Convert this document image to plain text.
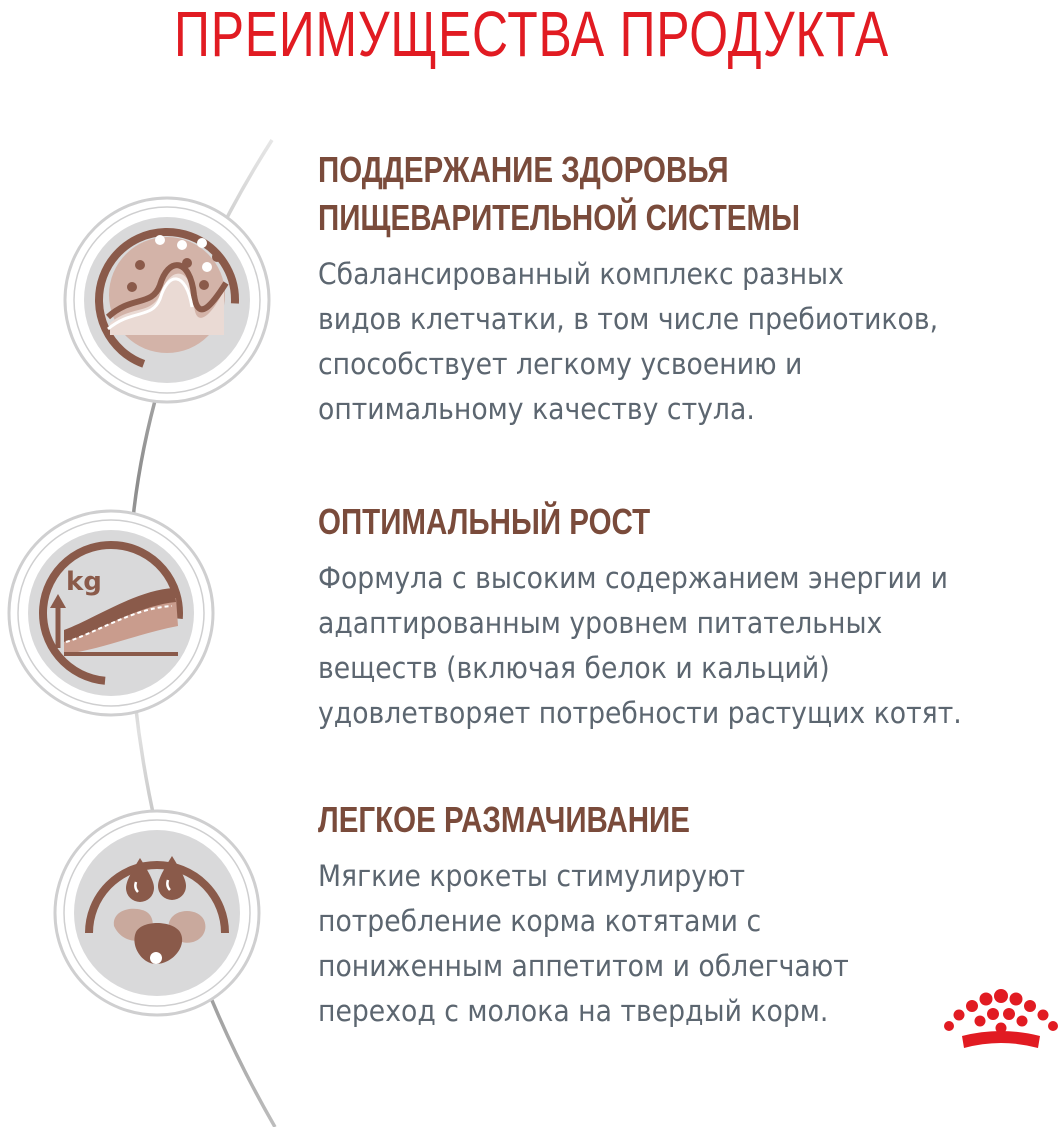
ПРЕИМУЩЕСТВА ПРОДУКТА
kg
ПОДДЕРЖАНИЕ ЗДОРОВЬЯ
ПИЩЕВАРИТЕЛЬНОЙ СИСТЕМЫ

Сбалансированный комплекс разных
видов клетчатки, в том числе пребиотиков,
способствует легкому усвоению и
оптимальному качеству стула.

ОПТИМАЛЬНЫЙ РОСТ

Формула с высоким содержанием энергии и
адаптированным уровнем питательных
веществ (включая белок и кальций)
удовлетворяет потребности растущих котят.

ЛЕГКОЕ РАЗМАЧИВАНИЕ

Мягкие крокеты стимулируют
потребление корма котятами с
пониженным аппетитом и облегчают
переход с молока на твердый корм.
